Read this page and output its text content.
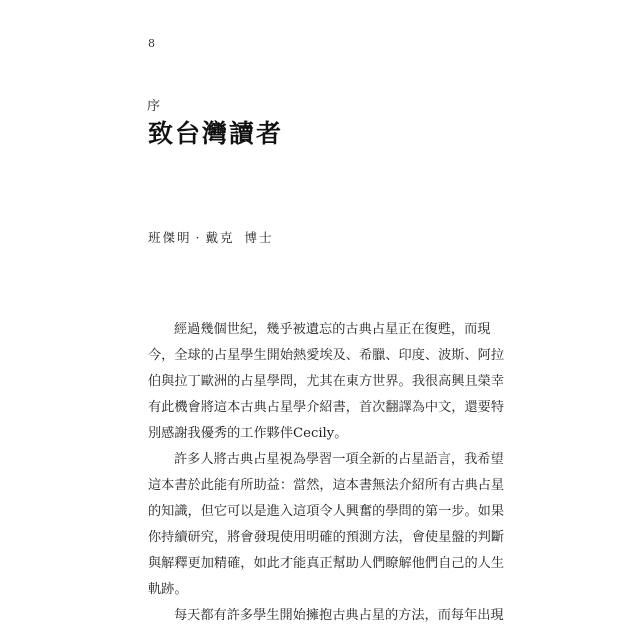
8
序
致台灣讀者
班傑明 · 戴克 博士
經過幾個世紀，幾乎被遺忘的古典占星正在復甦，而現
今，全球的占星學生開始熱愛埃及、希臘、印度、波斯、阿拉
伯與拉丁歐洲的占星學問，尤其在東方世界。我很高興且榮幸
有此機會將這本古典占星學介紹書，首次翻譯為中文，還要特
別感謝我優秀的工作夥伴Cecily。
許多人將古典占星視為學習一項全新的占星語言，我希望
這本書於此能有所助益：當然，這本書無法介紹所有古典占星
的知識，但它可以是進入這項令人興奮的學問的第一步。如果
你持續研究，將會發現使用明確的預測方法，會使星盤的判斷
與解釋更加精確，如此才能真正幫助人們瞭解他們自己的人生
軌跡。
每天都有許多學生開始擁抱古典占星的方法，而每年出現
